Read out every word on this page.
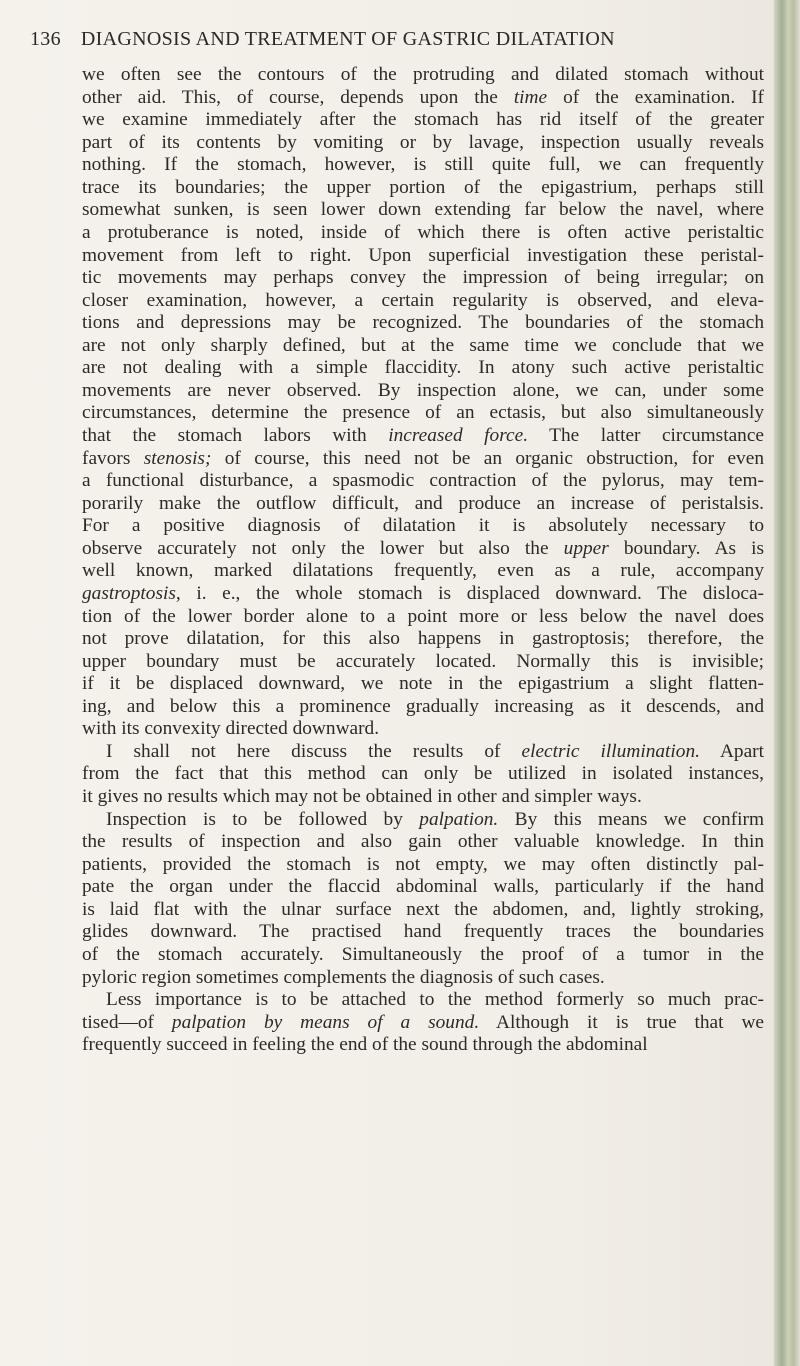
136 DIAGNOSIS AND TREATMENT OF GASTRIC DILATATION

we often see the contours of the protruding and dilated stomach without
other aid. This, of course, depends upon the time of the examination. If
we examine immediately after the stomach has rid itself of the greater
part of its contents by vomiting or by lavage, inspection usually reveals
nothing. If the stomach, however, is still quite full, we can frequently
trace its boundaries; the upper portion of the epigastrium, perhaps still
somewhat sunken, is seen lower down extending far below the navel, where
a protuberance is noted, inside of which there is often active peristaltic
movement from left to right. Upon superficial investigation these peristal-
tic movements may perhaps convey the impression of being irregular; on
closer examination, however, a certain regularity is observed, and eleva-
tions and depressions may be recognized. The boundaries of the stomach
are not only sharply defined, but at the same time we conclude that we
are not dealing with a simple flaccidity. In atony such active peristaltic
movements are never observed. By inspection alone, we can, under some
circumstances, determine the presence of an ectasis, but also simultaneously
that the stomach labors with increased force. The latter circumstance
favors stenosis; of course, this need not be an organic obstruction, for even
a functional disturbance, a spasmodic contraction of the pylorus, may tem-
porarily make the outflow difficult, and produce an increase of peristalsis.
For a positive diagnosis of dilatation it is absolutely necessary to
observe accurately not only the lower but also the upper boundary. As is
well known, marked dilatations frequently, even as a rule, accompany
gastroptosis, i. e., the whole stomach is displaced downward. The disloca-
tion of the lower border alone to a point more or less below the navel does
not prove dilatation, for this also happens in gastroptosis; therefore, the
upper boundary must be accurately located. Normally this is invisible;
if it be displaced downward, we note in the epigastrium a slight flatten-
ing, and below this a prominence gradually increasing as it descends, and
with its convexity directed downward.

I shall not here discuss the results of electric illumination. Apart
from the fact that this method can only be utilized in isolated instances,
it gives no results which may not be obtained in other and simpler ways.

Inspection is to be followed by palpation. By this means we confirm
the results of inspection and also gain other valuable knowledge. In thin
patients, provided the stomach is not empty, we may often distinctly pal-
pate the organ under the flaccid abdominal walls, particularly if the hand
is laid flat with the ulnar surface next the abdomen, and, lightly stroking,
glides downward. The practised hand frequently traces the boundaries
of the stomach accurately. Simultaneously the proof of a tumor in the
pyloric region sometimes complements the diagnosis of such cases.

Less importance is to be attached to the method formerly so much prac-
tised—of palpation by means of a sound. Although it is true that we
frequently succeed in feeling the end of the sound through the abdominal
